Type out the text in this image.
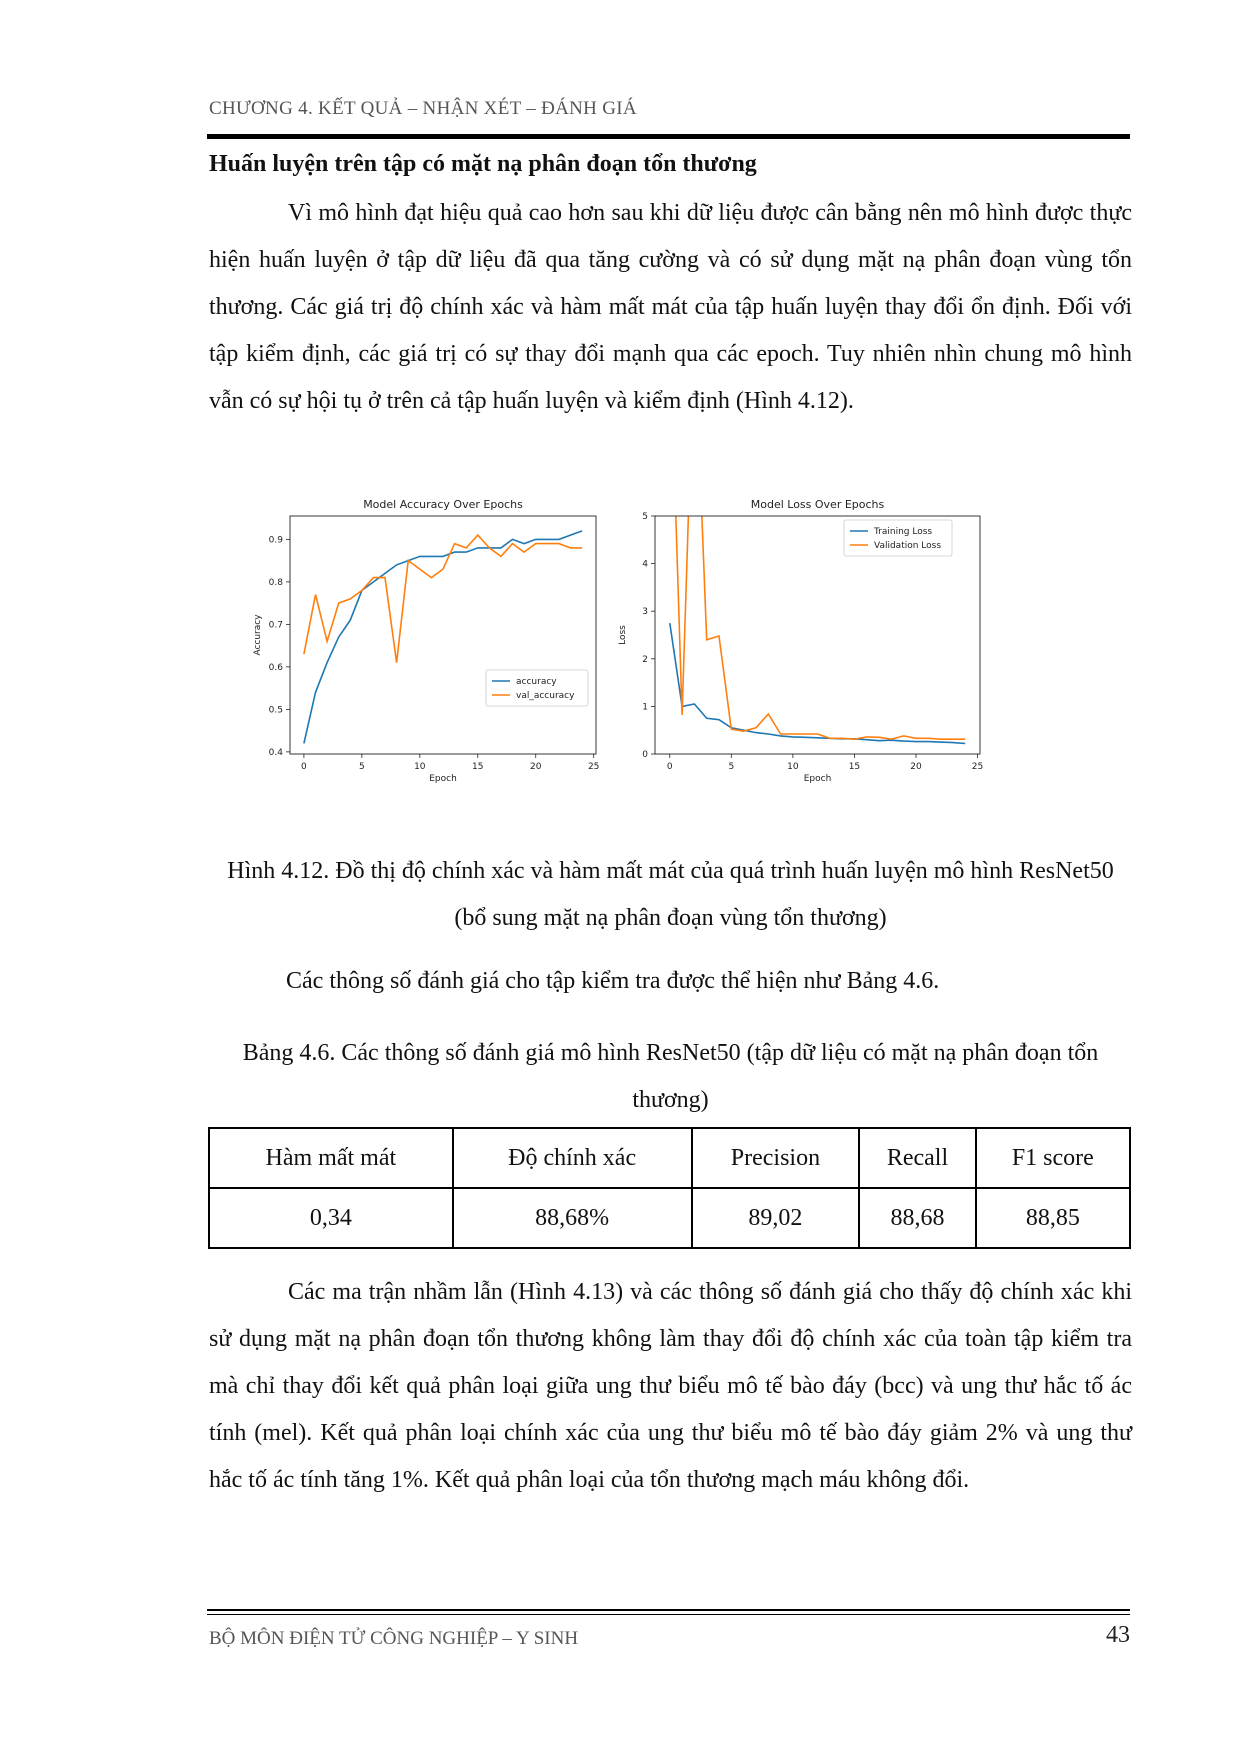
CHƯƠNG 4. KẾT QUẢ – NHẬN XÉT – ĐÁNH GIÁ
Huấn luyện trên tập có mặt nạ phân đoạn tổn thương

Vì mô hình đạt hiệu quả cao hơn sau khi dữ liệu được cân bằng nên mô hình được thực hiện huấn luyện ở tập dữ liệu đã qua tăng cường và có sử dụng mặt nạ phân đoạn vùng tổn thương. Các giá trị độ chính xác và hàm mất mát của tập huấn luyện thay đổi ổn định. Đối với tập kiểm định, các giá trị có sự thay đổi mạnh qua các epoch. Tuy nhiên nhìn chung mô hình vẫn có sự hội tụ ở trên cả tập huấn luyện và kiểm định (Hình 4.12).

Model Accuracy Over Epochs
0	5	10	15	20	25
0.4
0.5
0.6
0.7
0.8
0.9
Epoch
Accuracy
accuracy
val_accuracy
Model Loss Over Epochs
0	5	10	15	20	25
0
1
2
3
4
5
Epoch
Loss
Training Loss
Validation Loss
Hình 4.12. Đồ thị độ chính xác và hàm mất mát của quá trình huấn luyện mô hình ResNet50 (bổ sung mặt nạ phân đoạn vùng tổn thương)
Các thông số đánh giá cho tập kiểm tra được thể hiện như Bảng 4.6.
Bảng 4.6. Các thông số đánh giá mô hình ResNet50 (tập dữ liệu có mặt nạ phân đoạn tổn thương)
Hàm mất mát	Độ chính xác	Precision	Recall	F1 score
0,34	88,68%	89,02	88,68	88,85

Các ma trận nhầm lẫn (Hình 4.13) và các thông số đánh giá cho thấy độ chính xác khi sử dụng mặt nạ phân đoạn tổn thương không làm thay đổi độ chính xác của toàn tập kiểm tra mà chỉ thay đổi kết quả phân loại giữa ung thư biểu mô tế bào đáy (bcc) và ung thư hắc tố ác tính (mel). Kết quả phân loại chính xác của ung thư biểu mô tế bào đáy giảm 2% và ung thư hắc tố ác tính tăng 1%. Kết quả phân loại của tổn thương mạch máu không đổi.

BỘ MÔN ĐIỆN TỬ CÔNG NGHIỆP – Y SINH	43
